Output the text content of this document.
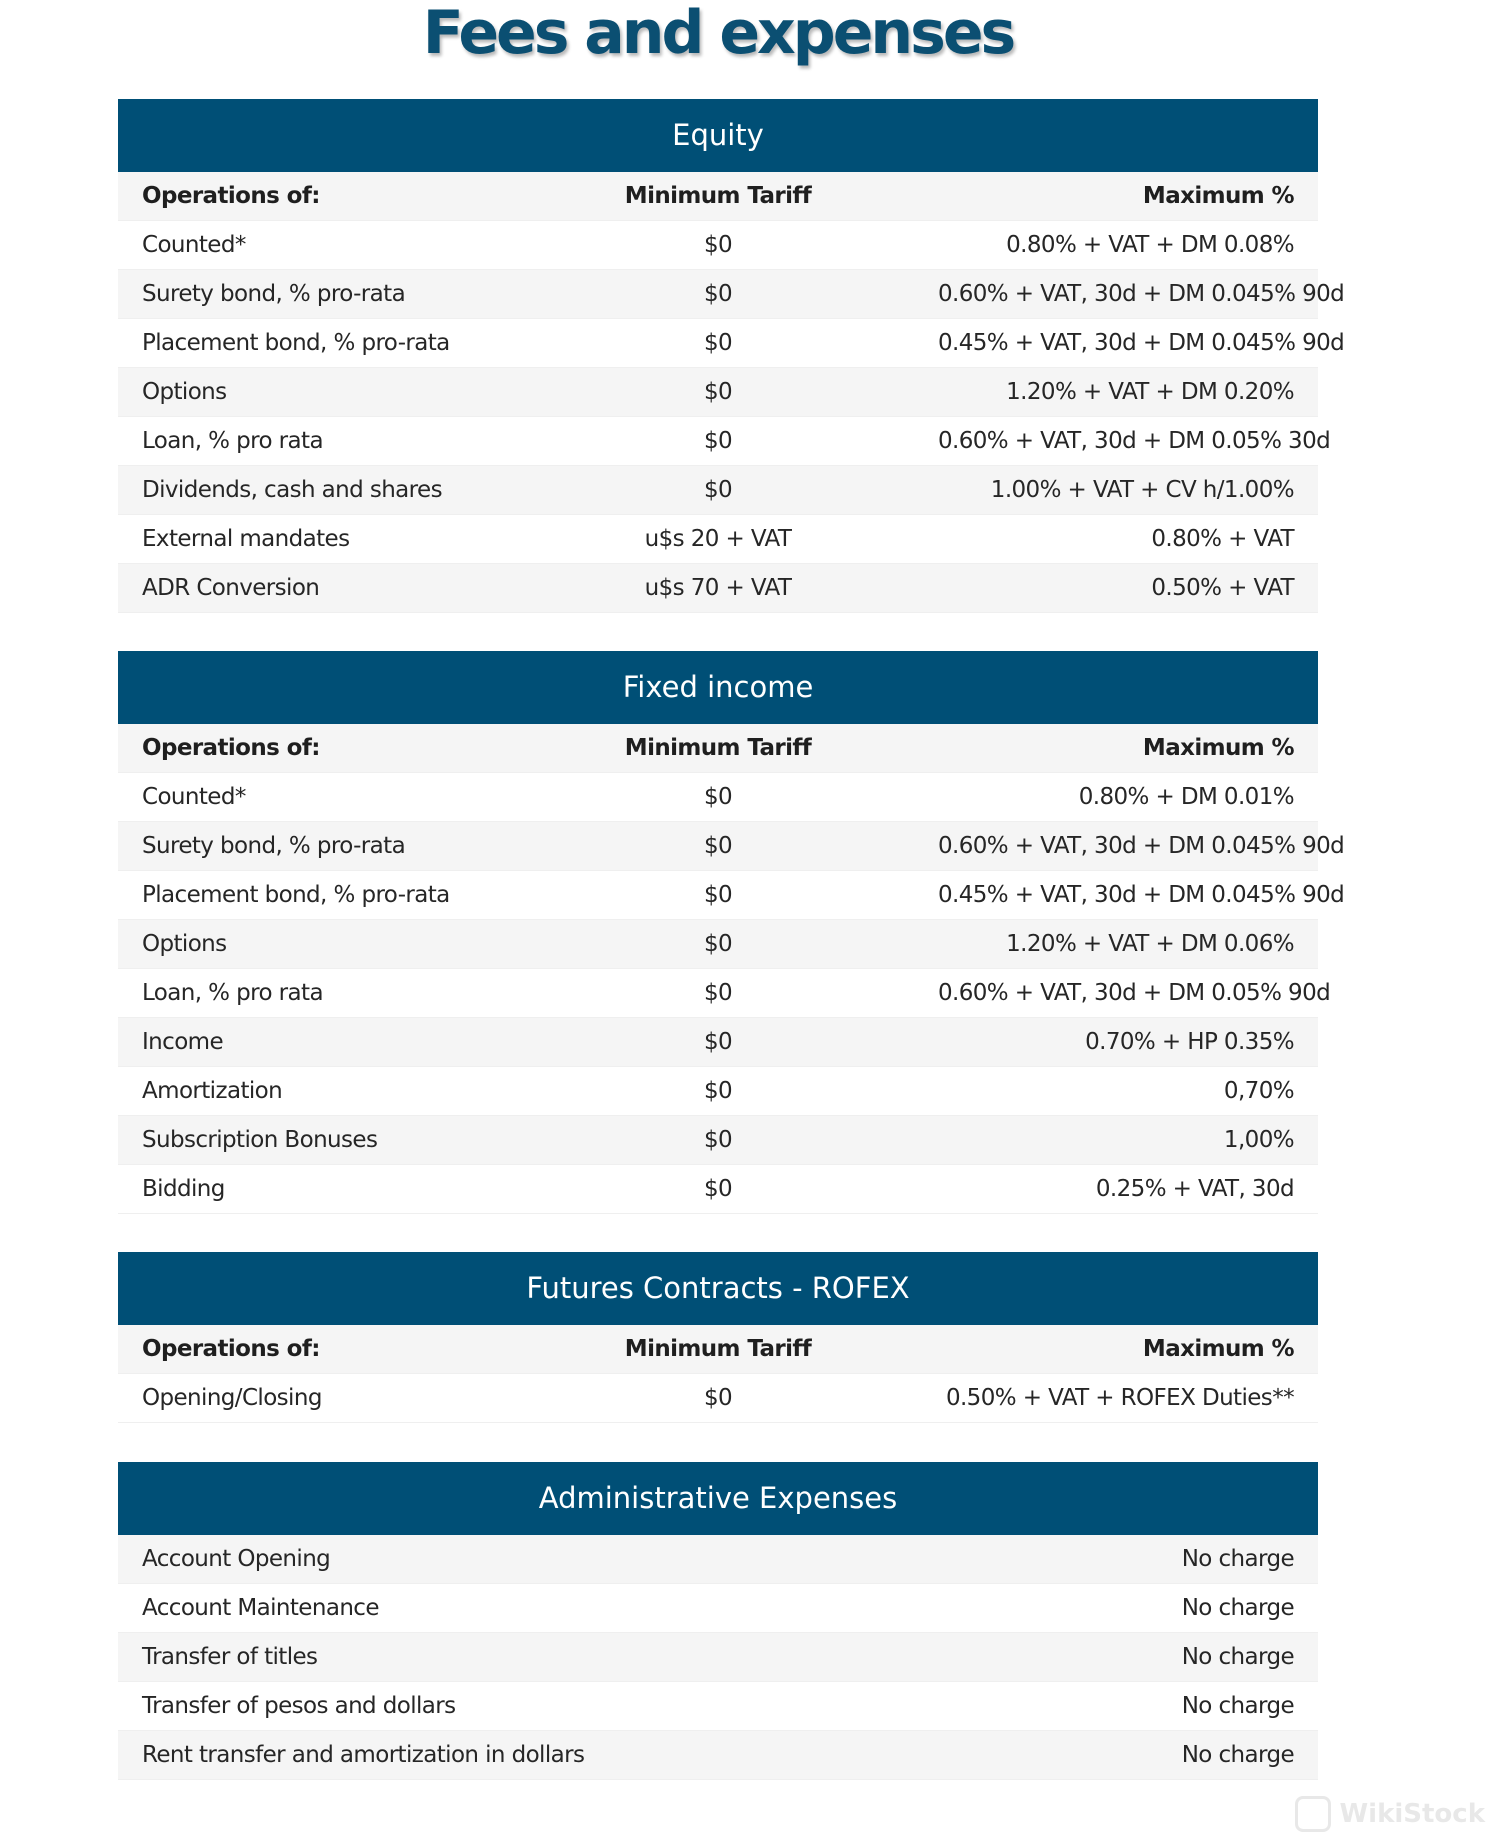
Fees and expenses
Equity
Operations of:	Minimum Tariff	Maximum %
Counted*	$0	0.80% + VAT + DM 0.08%
Surety bond, % pro-rata	$0	0.60% + VAT, 30d + DM 0.045% 90d
Placement bond, % pro-rata	$0	0.45% + VAT, 30d + DM 0.045% 90d
Options	$0	1.20% + VAT + DM 0.20%
Loan, % pro rata	$0	0.60% + VAT, 30d + DM 0.05% 30d
Dividends, cash and shares	$0	1.00% + VAT + CV h/1.00%
External mandates	u$s 20 + VAT	0.80% + VAT
ADR Conversion	u$s 70 + VAT	0.50% + VAT
Fixed income
Operations of:	Minimum Tariff	Maximum %
Counted*	$0	0.80% + DM 0.01%
Surety bond, % pro-rata	$0	0.60% + VAT, 30d + DM 0.045% 90d
Placement bond, % pro-rata	$0	0.45% + VAT, 30d + DM 0.045% 90d
Options	$0	1.20% + VAT + DM 0.06%
Loan, % pro rata	$0	0.60% + VAT, 30d + DM 0.05% 90d
Income	$0	0.70% + HP 0.35%
Amortization	$0	0,70%
Subscription Bonuses	$0	1,00%
Bidding	$0	0.25% + VAT, 30d
Futures Contracts - ROFEX
Operations of:	Minimum Tariff	Maximum %
Opening/Closing	$0	0.50% + VAT + ROFEX Duties**
Administrative Expenses
Account Opening	No charge
Account Maintenance	No charge
Transfer of titles	No charge
Transfer of pesos and dollars	No charge
Rent transfer and amortization in dollars	No charge
WikiStock
